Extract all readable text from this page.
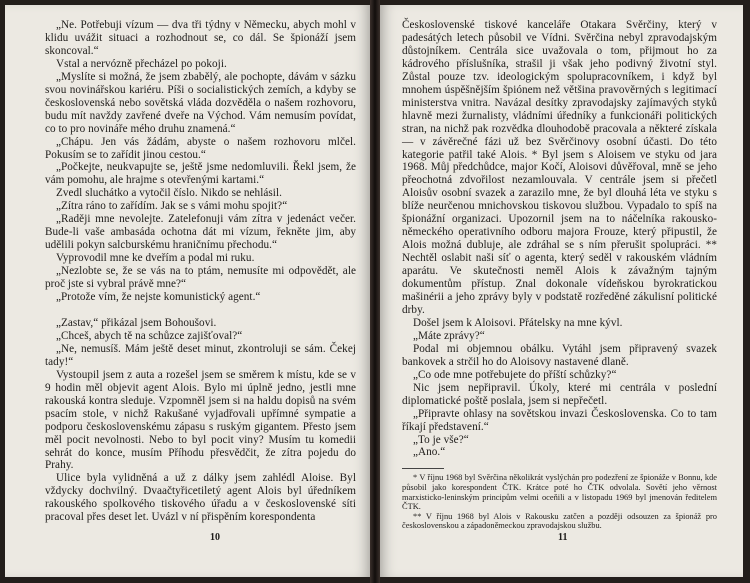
„Ne. Potřebuji vízum — dva tři týdny v Německu, abych mohl v klidu uvážit situaci a rozhodnout se, co dál. Se špionáží jsem skoncoval.“

Vstal a nervózně přecházel po pokoji.

„Myslíte si možná, že jsem zbabělý, ale pochopte, dávám v sázku svou novinářskou kariéru. Píši o socialistických zemích, a kdyby se československá nebo sovětská vláda dozvěděla o našem rozhovoru, budu mít navždy zavřené dveře na Východ. Vám nemusím povídat, co to pro novináře mého druhu znamená.“

„Chápu. Jen vás žádám, abyste o našem rozhovoru mlčel. Pokusím se to zařídit jinou cestou.“

„Počkejte, neukvapujte se, ještě jsme nedomluvili. Řekl jsem, že vám pomohu, ale hrajme s otevřenými kartami.“

Zvedl sluchátko a vytočil číslo. Nikdo se nehlásil.

„Zítra ráno to zařídím. Jak se s vámi mohu spojit?“

„Raději mne nevolejte. Zatelefonuji vám zítra v jedenáct večer. Bude-li vaše ambasáda ochotna dát mi vízum, řekněte jim, aby udělili pokyn salcburskému hraničnímu přechodu.“

Vyprovodil mne ke dveřím a podal mi ruku.

„Nezlobte se, že se vás na to ptám, nemusíte mi odpovědět, ale proč jste si vybral právě mne?“

„Protože vím, že nejste komunistický agent.“

„Zastav,“ přikázal jsem Bohoušovi.

„Chceš, abych tě na schůzce zajišťoval?“

„Ne, nemusíš. Mám ještě deset minut, zkontroluji se sám. Čekej tady!“

Vystoupil jsem z auta a rozešel jsem se směrem k místu, kde se v 9 hodin měl objevit agent Alois. Bylo mi úplně jedno, jestli mne rakouská kontra sleduje. Vzpomněl jsem si na haldu dopisů na svém psacím stole, v nichž Rakušané vyjadřovali upřímné sympatie a podporu československému zápasu s ruským gigantem. Přesto jsem měl pocit nevolnosti. Nebo to byl pocit viny? Musím tu komedii sehrát do konce, musím Příhodu přesvědčit, že zítra pojedu do Prahy.

Ulice byla vylidněná a už z dálky jsem zahlédl Aloise. Byl vždycky dochvilný. Dvaačtyřicetiletý agent Alois byl úředníkem rakouského spolkového tiskového úřadu a v československé síti pracoval přes deset let. Uvázl v ní přispěním korespondenta

10

Československé tiskové kanceláře Otakara Svěrčiny, který v padesátých letech působil ve Vídni. Svěrčina nebyl zpravodajským důstojníkem. Centrála sice uvažovala o tom, přijmout ho za kádrového příslušníka, strašil ji však jeho podivný životní styl. Zůstal pouze tzv. ideologickým spolupracovníkem, i když byl mnohem úspěšnějším špiónem než většina pravověrných s legitimací ministerstva vnitra. Navázal desítky zpravodajsky zajímavých styků hlavně mezi žurnalisty, vládními úředníky a funkcionáři politických stran, na nichž pak rozvědka dlouhodobě pracovala a některé získala — v závěrečné fázi už bez Svěrčinovy osobní účasti. Do této kategorie patřil také Alois. * Byl jsem s Aloisem ve styku od jara 1968. Můj předchůdce, major Kočí, Aloisovi důvěřoval, mně se jeho přeochotná zdvořilost nezamlouvala. V centrále jsem si přečetl Aloisův osobní svazek a zarazilo mne, že byl dlouhá léta ve styku s blíže neurčenou mnichovskou tiskovou službou. Vypadalo to spíš na špionážní organizaci. Upozornil jsem na to náčelníka rakousko-německého operativního odboru majora Frouze, který připustil, že Alois možná dubluje, ale zdráhal se s ním přerušit spolupráci. ** Nechtěl oslabit naši síť o agenta, který seděl v rakouském vládním aparátu. Ve skutečnosti neměl Alois k závažným tajným dokumentům přístup. Znal dokonale vídeňskou byrokratickou mašinérii a jeho zprávy byly v podstatě rozředěné zákulisní politické drby.

Došel jsem k Aloisovi. Přátelsky na mne kývl.

„Máte zprávy?“

Podal mi objemnou obálku. Vytáhl jsem připravený svazek bankovek a strčil ho do Aloisovy nastavené dlaně.

„Co ode mne potřebujete do příští schůzky?“

Nic jsem nepřipravil. Úkoly, které mi centrála v poslední diplomatické poště poslala, jsem si nepřečetl.

„Připravte ohlasy na sovětskou invazi Československa. Co to tam říkají představení.“

„To je vše?“

„Ano.“

* V říjnu 1968 byl Svěrčina několikrát vyslýchán pro podezření ze špionáže v Bonnu, kde působil jako korespondent ČTK. Krátce poté ho ČTK odvolala. Sovětí jeho věrnost marxisticko-leninským principům velmi oceňili a v listopadu 1969 byl jmenován ředitelem ČTK.

** V říjnu 1968 byl Alois v Rakousku zatčen a později odsouzen za špionáž pro československou a západoněmeckou zpravodajskou službu.

11
